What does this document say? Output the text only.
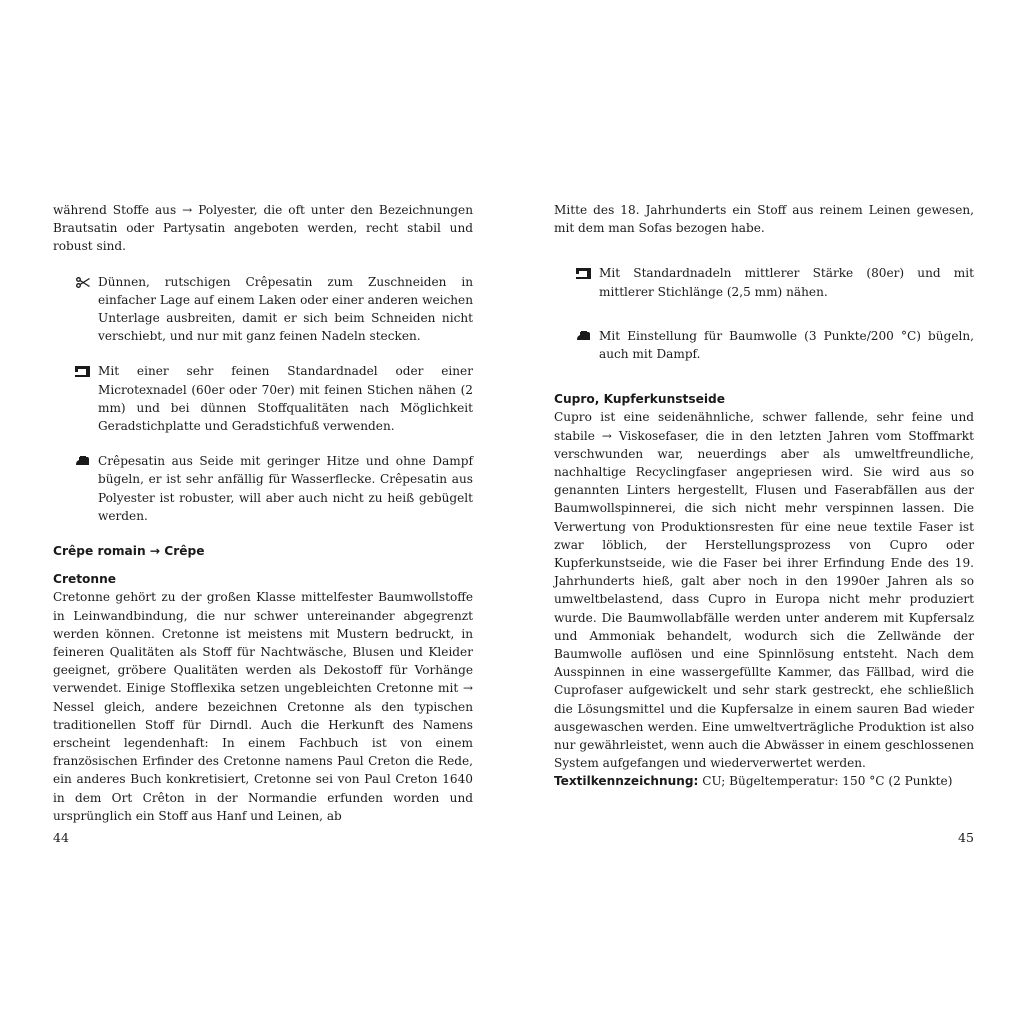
während Stoffe aus → Polyester, die oft unter den Bezeichnungen Brautsatin oder Partysatin angeboten werden, recht stabil und robust sind.

Dünnen, rutschigen Crêpesatin zum Zuschneiden in einfacher Lage auf einem Laken oder einer anderen weichen Unterlage ausbreiten, damit er sich beim Schneiden nicht verschiebt, und nur mit ganz feinen Nadeln stecken.
Mit einer sehr feinen Standardnadel oder einer Microtexnadel (60er oder 70er) mit feinen Stichen nähen (2 mm) und bei dünnen Stoffqualitäten nach Möglichkeit Geradstichplatte und Geradstichfuß verwenden.
Crêpesatin aus Seide mit geringer Hitze und ohne Dampf bügeln, er ist sehr anfällig für Wasserflecke. Crêpesatin aus Polyester ist robuster, will aber auch nicht zu heiß gebügelt werden.

Crêpe romain → Crêpe

Cretonne

Cretonne gehört zu der großen Klasse mittelfester Baumwollstoffe in Leinwandbindung, die nur schwer untereinander abgegrenzt werden können. Cretonne ist meistens mit Mustern bedruckt, in feineren Qualitäten als Stoff für Nachtwäsche, Blusen und Kleider geeignet, gröbere Qualitäten werden als Dekostoff für Vorhänge verwendet. Einige Stofflexika setzen ungebleichten Cretonne mit → Nessel gleich, andere bezeichnen Cretonne als den typischen traditionellen Stoff für Dirndl. Auch die Herkunft des Namens erscheint legendenhaft: In einem Fachbuch ist von einem französischen Erfinder des Cretonne namens Paul Creton die Rede, ein anderes Buch konkretisiert, Cretonne sei von Paul Creton 1640 in dem Ort Crêton in der Normandie erfunden worden und ursprünglich ein Stoff aus Hanf und Leinen, ab

44

Mitte des 18. Jahrhunderts ein Stoff aus reinem Leinen gewesen, mit dem man Sofas bezogen habe.

Mit Standardnadeln mittlerer Stärke (80er) und mit mittlerer Stichlänge (2,5 mm) nähen.
Mit Einstellung für Baumwolle (3 Punkte/200 °C) bügeln, auch mit Dampf.

Cupro, Kupferkunstseide

Cupro ist eine seidenähnliche, schwer fallende, sehr feine und stabile → Viskosefaser, die in den letzten Jahren vom Stoffmarkt verschwunden war, neuerdings aber als umweltfreundliche, nachhaltige Recyclingfaser angepriesen wird. Sie wird aus so genannten Linters hergestellt, Flusen und Faserabfällen aus der Baumwollspinnerei, die sich nicht mehr verspinnen lassen. Die Verwertung von Produktionsresten für eine neue textile Faser ist zwar löblich, der Herstellungsprozess von Cupro oder Kupferkunstseide, wie die Faser bei ihrer Erfindung Ende des 19. Jahrhunderts hieß, galt aber noch in den 1990er Jahren als so umweltbelastend, dass Cupro in Europa nicht mehr produziert wurde. Die Baumwollabfälle werden unter anderem mit Kupfersalz und Ammoniak behandelt, wodurch sich die Zellwände der Baumwolle auflösen und eine Spinnlösung entsteht. Nach dem Ausspinnen in eine wassergefüllte Kammer, das Fällbad, wird die Cuprofaser aufgewickelt und sehr stark gestreckt, ehe schließlich die Lösungsmittel und die Kupfersalze in einem sauren Bad wieder ausgewaschen werden. Eine umweltverträgliche Produktion ist also nur gewährleistet, wenn auch die Abwässer in einem geschlossenen System aufgefangen und wiederverwertet werden.

Textilkennzeichnung: CU; Bügeltemperatur: 150 °C (2 Punkte)

45
